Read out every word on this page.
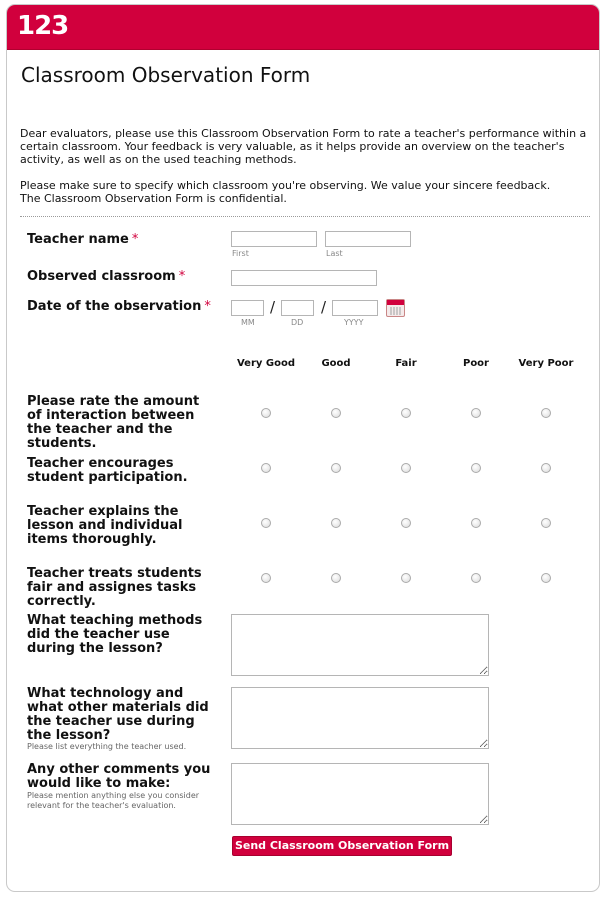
123
Classroom Observation Form

Dear evaluators, please use this Classroom Observation Form to rate a teacher's performance within a certain classroom. Your feedback is very valuable, as it helps provide an overview on the teacher's activity, as well as on the used teaching methods.

Please make sure to specify which classroom you're observing. We value your sincere feedback.
The Classroom Observation Form is confidential.

Teacher name *
First	Last
Observed classroom *
Date of the observation *
MM
/
DD
/
YYYY
Very Good	Good	Fair	Poor	Very Poor
Please rate the amount of interaction between the teacher and the students.
Teacher encourages student participation.
Teacher explains the lesson and individual items thoroughly.
Teacher treats students fair and assignes tasks correctly.
What teaching methods did the teacher use during the lesson?
What technology and what other materials did the teacher use during the lesson?
Please list everything the teacher used.
Any other comments you would like to make:
Please mention anything else you consider relevant for the teacher's evaluation.
Send Classroom Observation Form
